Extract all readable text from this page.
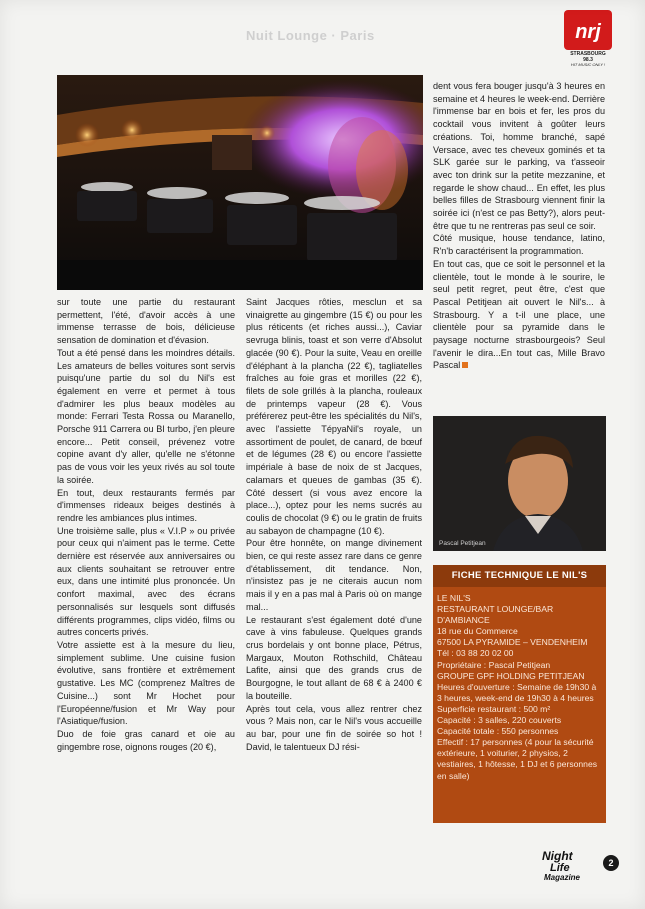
Nuit Lounge · Paris	nrj
STRASBOURG
98.3
HIT MUSIC ONLY !

sur toute une partie du restaurant permettent, l'été, d'avoir accès à une immense terrasse de bois, délicieuse sensation de domination et d'évasion.

Tout a été pensé dans les moindres détails. Les amateurs de belles voitures sont servis puisqu'une partie du sol du Nil's est également en verre et permet à tous d'admirer les plus beaux modèles au monde: Ferrari Testa Rossa ou Maranello, Porsche 911 Carrera ou BI turbo, j'en pleure encore... Petit conseil, prévenez votre copine avant d'y aller, qu'elle ne s'étonne pas de vous voir les yeux rivés au sol toute la soirée.

En tout, deux restaurants fermés par d'immenses rideaux beiges destinés à rendre les ambiances plus intimes.

Une troisième salle, plus « V.I.P » ou privée pour ceux qui n'aiment pas le terme. Cette dernière est réservée aux anniversaires ou aux clients souhaitant se retrouver entre eux, dans une intimité plus prononcée. Un confort maximal, avec des écrans personnalisés sur lesquels sont diffusés différents programmes, clips vidéo, films ou autres concerts privés.

Votre assiette est à la mesure du lieu, simplement sublime. Une cuisine fusion évolutive, sans frontière et extrêmement gustative. Les MC (comprenez Maîtres de Cuisine...) sont Mr Hochet pour l'Européenne/fusion et Mr Way pour l'Asiatique/fusion.

Duo de foie gras canard et oie au gingembre rose, oignons rouges (20 €),

Saint Jacques rôties, mesclun et sa vinaigrette au gingembre (15 €) ou pour les plus réticents (et riches aussi...), Caviar sevruga blinis, toast et son verre d'Absolut glacée (90 €). Pour la suite, Veau en oreille d'éléphant à la plancha (22 €), tagliatelles fraîches au foie gras et morilles (22 €), filets de sole grillés à la plancha, rouleaux de printemps vapeur (28 €). Vous préférerez peut-être les spécialités du Nil's, avec l'assiette TépyaNil's royale, un assortiment de poulet, de canard, de bœuf et de légumes (28 €) ou encore l'assiette impériale à base de noix de st Jacques, calamars et queues de gambas (35 €). Côté dessert (si vous avez encore la place...), optez pour les nems sucrés au coulis de chocolat (9 €) ou le gratin de fruits au sabayon de champagne (10 €).

Pour être honnête, on mange divinement bien, ce qui reste assez rare dans ce genre d'établissement, dit tendance. Non, n'insistez pas je ne citerais aucun nom mais il y en a pas mal à Paris où on mange mal...

Le restaurant s'est également doté d'une cave à vins fabuleuse. Quelques grands crus bordelais y ont bonne place, Pétrus, Margaux, Mouton Rothschild, Château Lafite, ainsi que des grands crus de Bourgogne, le tout allant de 68 € à 2400 € la bouteille.

Après tout cela, vous allez rentrer chez vous ? Mais non, car le Nil's vous accueille au bar, pour une fin de soirée so hot ! David, le talentueux DJ rési-

dent vous fera bouger jusqu'à 3 heures en semaine et 4 heures le week-end. Derrière l'immense bar en bois et fer, les pros du cocktail vous invitent à goûter leurs créations. Toi, homme branché, sapé Versace, avec tes cheveux gominés et ta SLK garée sur le parking, va t'asseoir avec ton drink sur la petite mezzanine, et regarde le show chaud... En effet, les plus belles filles de Strasbourg viennent finir la soirée ici (n'est ce pas Betty?), alors peut-être que tu ne rentreras pas seul ce soir.

Côté musique, house tendance, latino, R'n'b caractérisent la programmation.

En tout cas, que ce soit le personnel et la clientèle, tout le monde à le sourire, le seul petit regret, peut être, c'est que Pascal Petitjean ait ouvert le Nil's... à Strasbourg. Y a t-il une place, une clientèle pour sa pyramide dans le paysage nocturne strasbourgeois? Seul l'avenir le dira...En tout cas, Mille Bravo Pascal

Pascal Petitjean
FICHE TECHNIQUE LE NIL'S
LE NIL'S
RESTAURANT LOUNGE/BAR D'AMBIANCE
18 rue du Commerce
67500 LA PYRAMIDE – VENDENHEIM
Tél : 03 88 20 02 00
Propriétaire : Pascal Petitjean
GROUPE GPF HOLDING PETITJEAN
Heures d'ouverture : Semaine de 19h30 à 3 heures, week-end de 19h30 à 4 heures
Superficie restaurant : 500 m²
Capacité : 3 salles, 220 couverts
Capacité totale : 550 personnes
Effectif : 17 personnes (4 pour la sécurité extérieure, 1 voiturier, 2 physios, 2 vestiaires, 1 hôtesse, 1 DJ et 6 personnes en salle)
Night
Life
Magazine
2
